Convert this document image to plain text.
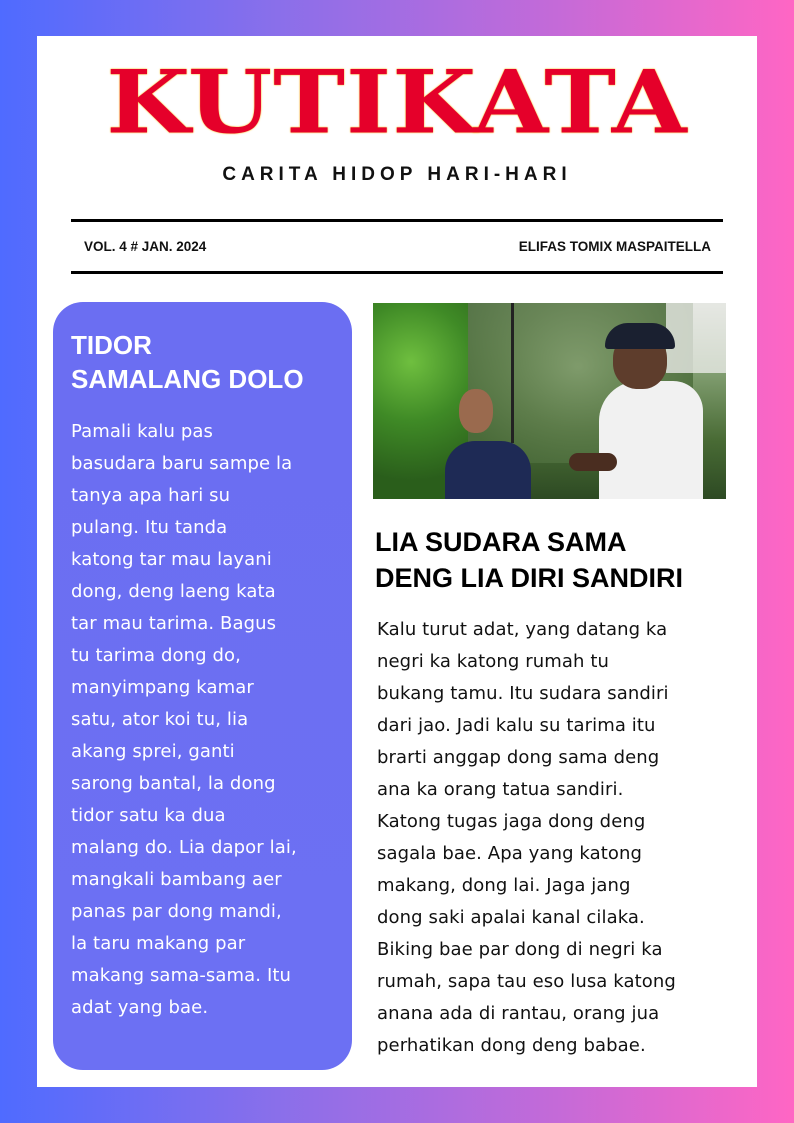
KUTIKATA
CARITA HIDOP HARI-HARI
VOL. 4 # JAN. 2024	ELIFAS TOMIX MASPAITELLA
TIDOR
SAMALANG DOLO
Pamali kalu pas
basudara baru sampe la
tanya apa hari su
pulang. Itu tanda
katong tar mau layani
dong, deng laeng kata
tar mau tarima. Bagus
tu tarima dong do,
manyimpang kamar
satu, ator koi tu, lia
akang sprei, ganti
sarong bantal, la dong
tidor satu ka dua
malang do. Lia dapor lai,
mangkali bambang aer
panas par dong mandi,
la taru makang par
makang sama-sama. Itu
adat yang bae.
LIA SUDARA SAMA
DENG LIA DIRI SANDIRI
Kalu turut adat, yang datang ka
negri ka katong rumah tu
bukang tamu. Itu sudara sandiri
dari jao. Jadi kalu su tarima itu
brarti anggap dong sama deng
ana ka orang tatua sandiri.
Katong tugas jaga dong deng
sagala bae. Apa yang katong
makang, dong lai. Jaga jang
dong saki apalai kanal cilaka.
Biking bae par dong di negri ka
rumah, sapa tau eso lusa katong
anana ada di rantau, orang jua
perhatikan dong deng babae.
